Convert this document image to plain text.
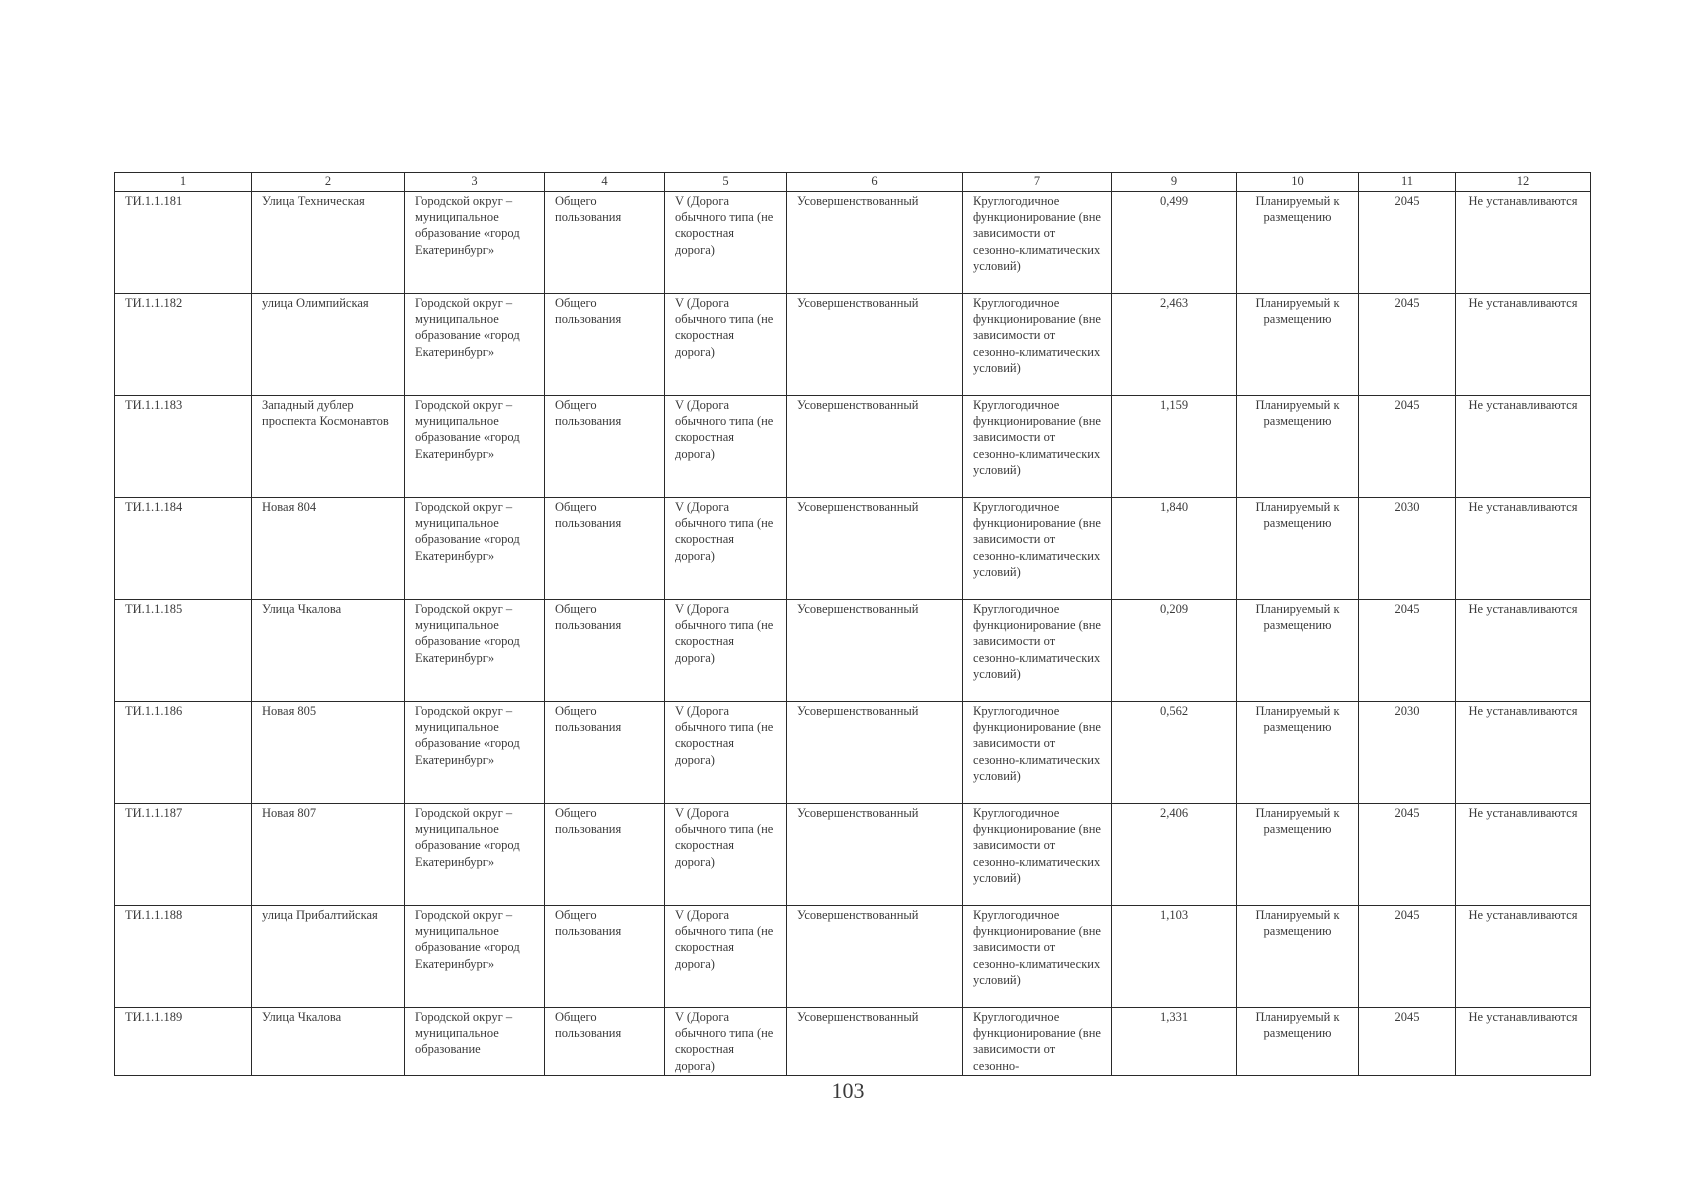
1	2	3	4	5	6	7	9	10	11	12
ТИ.1.1.181	Улица Техническая	Городской округ – муниципальное образование «город Екатеринбург»	Общего пользования	V (Дорога обычного типа (не скоростная дорога)	Усовершенствованный	Круглогодичное функционирование (вне зависимости от сезонно-климатических условий)	0,499	Планируемый к размещению	2045	Не устанавливаются
ТИ.1.1.182	улица Олимпийская	Городской округ – муниципальное образование «город Екатеринбург»	Общего пользования	V (Дорога обычного типа (не скоростная дорога)	Усовершенствованный	Круглогодичное функционирование (вне зависимости от сезонно-климатических условий)	2,463	Планируемый к размещению	2045	Не устанавливаются
ТИ.1.1.183	Западный дублер проспекта Космонавтов	Городской округ – муниципальное образование «город Екатеринбург»	Общего пользования	V (Дорога обычного типа (не скоростная дорога)	Усовершенствованный	Круглогодичное функционирование (вне зависимости от сезонно-климатических условий)	1,159	Планируемый к размещению	2045	Не устанавливаются
ТИ.1.1.184	Новая 804	Городской округ – муниципальное образование «город Екатеринбург»	Общего пользования	V (Дорога обычного типа (не скоростная дорога)	Усовершенствованный	Круглогодичное функционирование (вне зависимости от сезонно-климатических условий)	1,840	Планируемый к размещению	2030	Не устанавливаются
ТИ.1.1.185	Улица Чкалова	Городской округ – муниципальное образование «город Екатеринбург»	Общего пользования	V (Дорога обычного типа (не скоростная дорога)	Усовершенствованный	Круглогодичное функционирование (вне зависимости от сезонно-климатических условий)	0,209	Планируемый к размещению	2045	Не устанавливаются
ТИ.1.1.186	Новая 805	Городской округ – муниципальное образование «город Екатеринбург»	Общего пользования	V (Дорога обычного типа (не скоростная дорога)	Усовершенствованный	Круглогодичное функционирование (вне зависимости от сезонно-климатических условий)	0,562	Планируемый к размещению	2030	Не устанавливаются
ТИ.1.1.187	Новая 807	Городской округ – муниципальное образование «город Екатеринбург»	Общего пользования	V (Дорога обычного типа (не скоростная дорога)	Усовершенствованный	Круглогодичное функционирование (вне зависимости от сезонно-климатических условий)	2,406	Планируемый к размещению	2045	Не устанавливаются
ТИ.1.1.188	улица Прибалтийская	Городской округ – муниципальное образование «город Екатеринбург»	Общего пользования	V (Дорога обычного типа (не скоростная дорога)	Усовершенствованный	Круглогодичное функционирование (вне зависимости от сезонно-климатических условий)	1,103	Планируемый к размещению	2045	Не устанавливаются
ТИ.1.1.189	Улица Чкалова	Городской округ – муниципальное образование	Общего пользования	V (Дорога обычного типа (не скоростная дорога)	Усовершенствованный	Круглогодичное функционирование (вне зависимости от сезонно-	1,331	Планируемый к размещению	2045	Не устанавливаются
103
